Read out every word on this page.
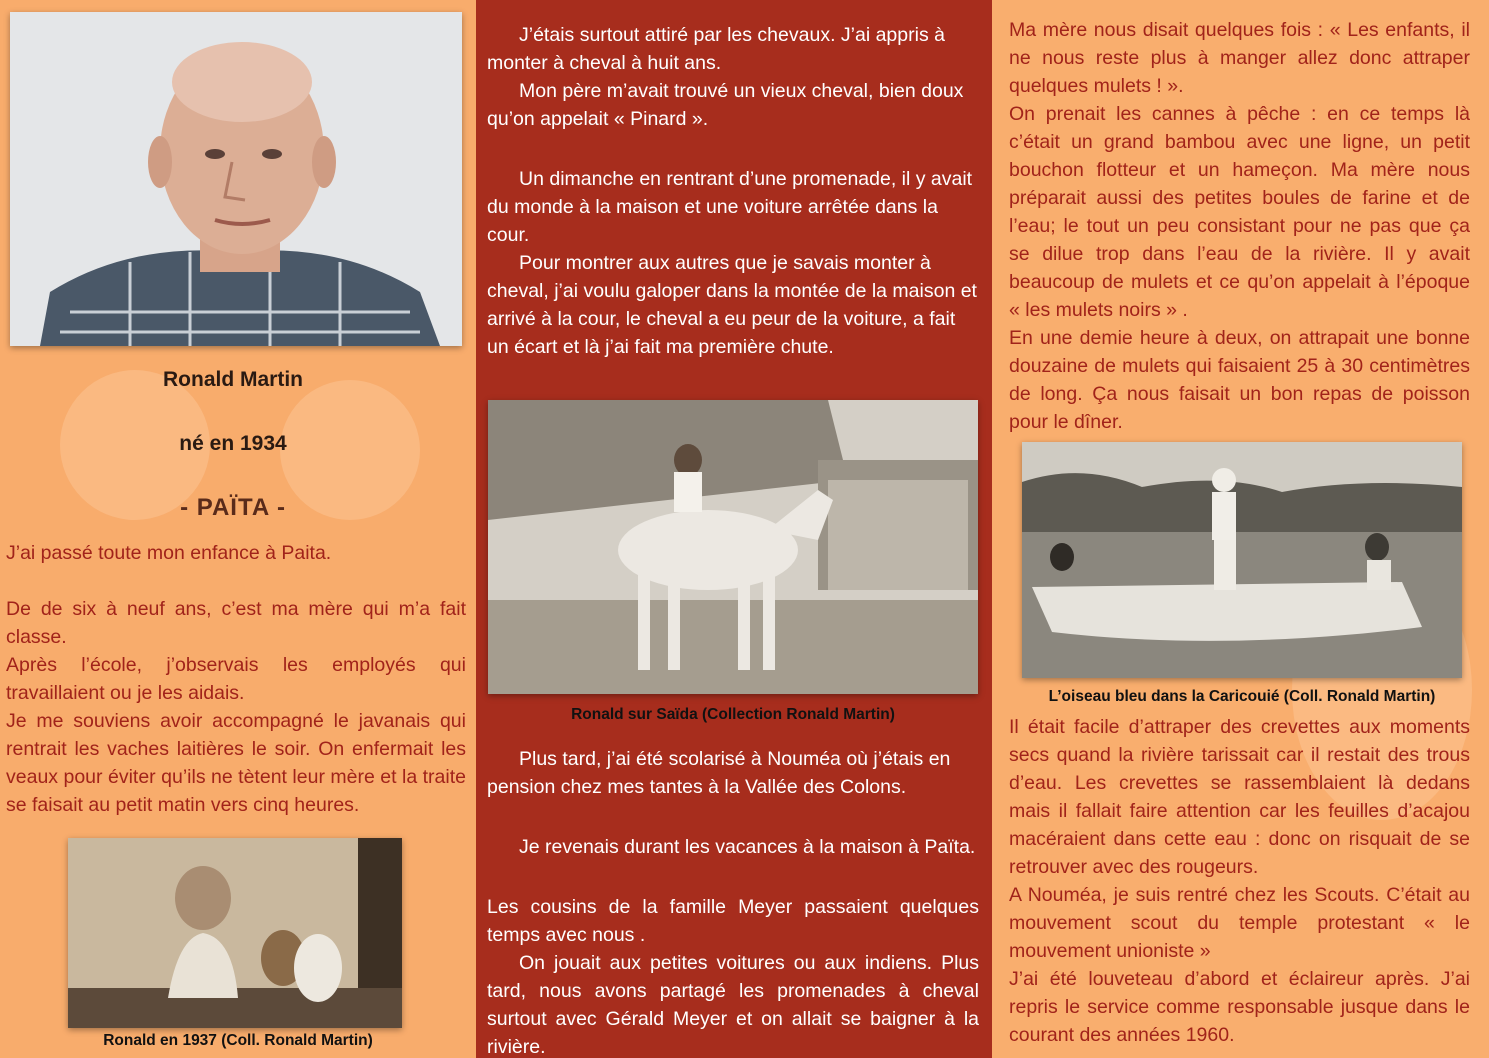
Ronald Martin
né en 1934
- PAÏTA -

J’ai passé toute mon enfance à Paita.

De de six à neuf ans, c’est ma mère qui m’a fait classe.

Après l’école, j’observais les employés qui travaillaient ou je les aidais.

Je me souviens avoir accompagné le javanais qui rentrait les vaches laitières le soir. On enfermait les veaux pour éviter qu’ils ne tètent leur mère et la traite se faisait au petit matin vers cinq heures.

Ronald en 1937 (Coll. Ronald Martin)

J’étais surtout attiré par les chevaux. J’ai appris à monter à cheval à huit ans.

Mon père m’avait trouvé un vieux cheval, bien doux qu’on appelait « Pinard ».

Un dimanche en rentrant d’une promenade, il y avait du monde à la maison et une voiture arrêtée dans la cour.

Pour montrer aux autres que je savais monter à cheval, j’ai voulu galoper dans la montée de la maison et arrivé à la cour, le cheval a eu peur de la voiture, a fait un écart et là j’ai fait ma première chute.

Ronald sur Saïda (Collection Ronald Martin)

Plus tard, j’ai été scolarisé à Nouméa où j’étais en pension chez mes tantes à la Vallée des Colons.

Je revenais durant les vacances à la maison à Païta.

Les cousins de la famille Meyer passaient quelques temps avec nous .

On jouait aux petites voitures ou aux indiens. Plus tard, nous avons partagé les promenades à cheval surtout avec Gérald Meyer et on allait se baigner à la rivière.

Ma mère nous disait quelques fois : « Les enfants, il ne nous reste plus à manger allez donc attraper quelques mulets ! ».

On prenait les cannes à pêche : en ce temps là c’était un grand bambou avec une ligne, un petit bouchon flotteur et un hameçon. Ma mère nous préparait aussi des petites boules de farine et de l’eau; le tout un peu consistant pour ne pas que ça se dilue trop dans l’eau de la rivière. Il y avait beaucoup de mulets et ce qu’on appelait à l’époque « les mulets noirs » .

En une demie heure à deux, on attrapait une bonne douzaine de mulets qui faisaient 25 à 30 centimètres de long. Ça nous faisait un bon repas de poisson pour le dîner.

L’oiseau bleu dans la Caricouié (Coll. Ronald Martin)

Il était facile d’attraper des crevettes aux moments secs quand la rivière tarissait car il restait des trous d’eau. Les crevettes se rassemblaient là dedans mais il fallait faire attention car les feuilles d’acajou macéraient dans cette eau : donc on risquait de se retrouver avec des rougeurs.

A Nouméa, je suis rentré chez les Scouts. C’était au mouvement scout du temple protestant « le mouvement unioniste »

J’ai été louveteau d’abord et éclaireur après. J’ai repris le service comme responsable jusque dans le courant des années 1960.
